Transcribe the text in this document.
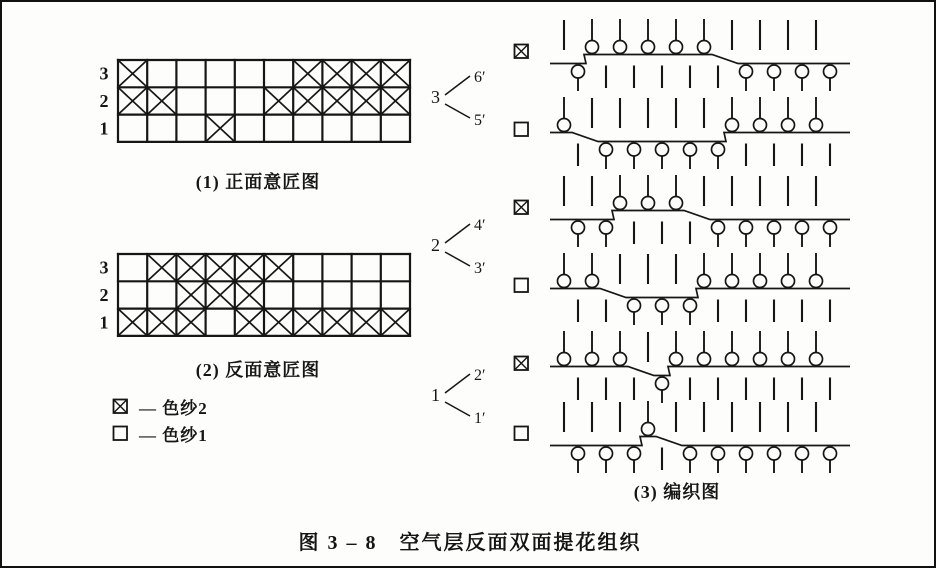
3
2
1
(1) 正面意匠图
3
2
1
(2) 反面意匠图
— 色纱2
— 色纱1
3
6′
5′
2
4′
3′
1
2′
1′
(3) 编织图
图 3 – 8　空气层反面双面提花组织
